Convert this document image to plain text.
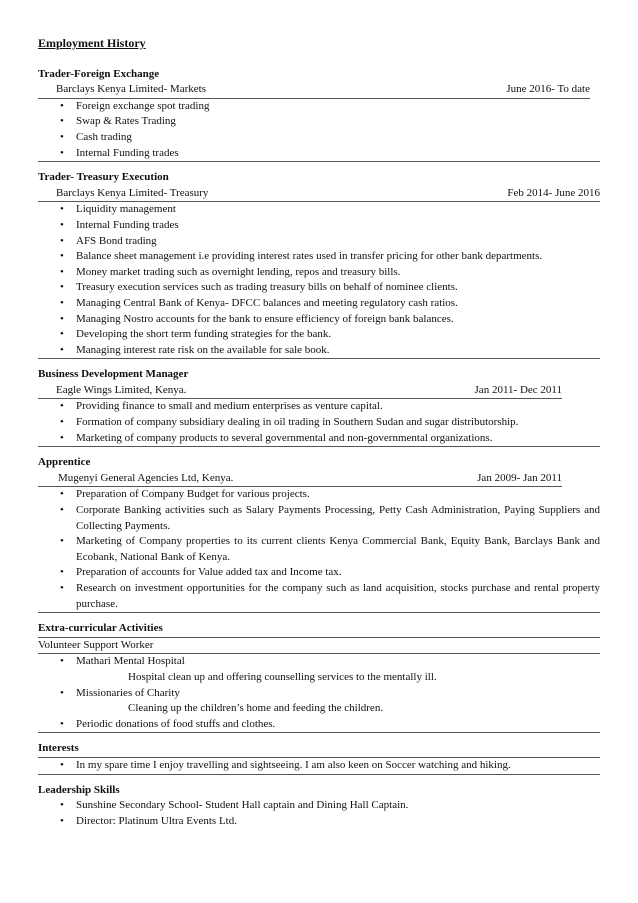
Employment History
Trader-Foreign Exchange
Barclays Kenya Limited- Markets	June 2016- To date
• Foreign exchange spot trading
• Swap & Rates Trading
• Cash trading
• Internal Funding trades
Trader- Treasury Execution
Barclays Kenya Limited- Treasury	Feb 2014- June 2016
• Liquidity management
• Internal Funding trades
• AFS Bond trading
• Balance sheet management i.e providing interest rates used in transfer pricing for other bank departments.
• Money market trading such as overnight lending, repos and treasury bills.
• Treasury execution services such as trading treasury bills on behalf of nominee clients.
• Managing Central Bank of Kenya- DFCC balances and meeting regulatory cash ratios.
• Managing Nostro accounts for the bank to ensure efficiency of foreign bank balances.
• Developing the short term funding strategies for the bank.
• Managing interest rate risk on the available for sale book.
Business Development Manager
Eagle Wings Limited, Kenya.	Jan 2011- Dec 2011
• Providing finance to small and medium enterprises as venture capital.
• Formation of company subsidiary dealing in oil trading in Southern Sudan and sugar distributorship.
• Marketing of company products to several governmental and non-governmental organizations.
Apprentice
Mugenyi General Agencies Ltd, Kenya.	Jan 2009- Jan 2011
• Preparation of Company Budget for various projects.
• Corporate Banking activities such as Salary Payments Processing, Petty Cash Administration, Paying Suppliers and Collecting Payments.
• Marketing of Company properties to its current clients Kenya Commercial Bank, Equity Bank, Barclays Bank and Ecobank, National Bank of Kenya.
• Preparation of accounts for Value added tax and Income tax.
• Research on investment opportunities for the company such as land acquisition, stocks purchase and rental property purchase.
Extra-curricular Activities
Volunteer Support Worker
• Mathari Mental Hospital
Hospital clean up and offering counselling services to the mentally ill.
• Missionaries of Charity
Cleaning up the children’s home and feeding the children.
• Periodic donations of food stuffs and clothes.
Interests
• In my spare time I enjoy travelling and sightseeing. I am also keen on Soccer watching and hiking.
Leadership Skills
• Sunshine Secondary School- Student Hall captain and Dining Hall Captain.
• Director: Platinum Ultra Events Ltd.
